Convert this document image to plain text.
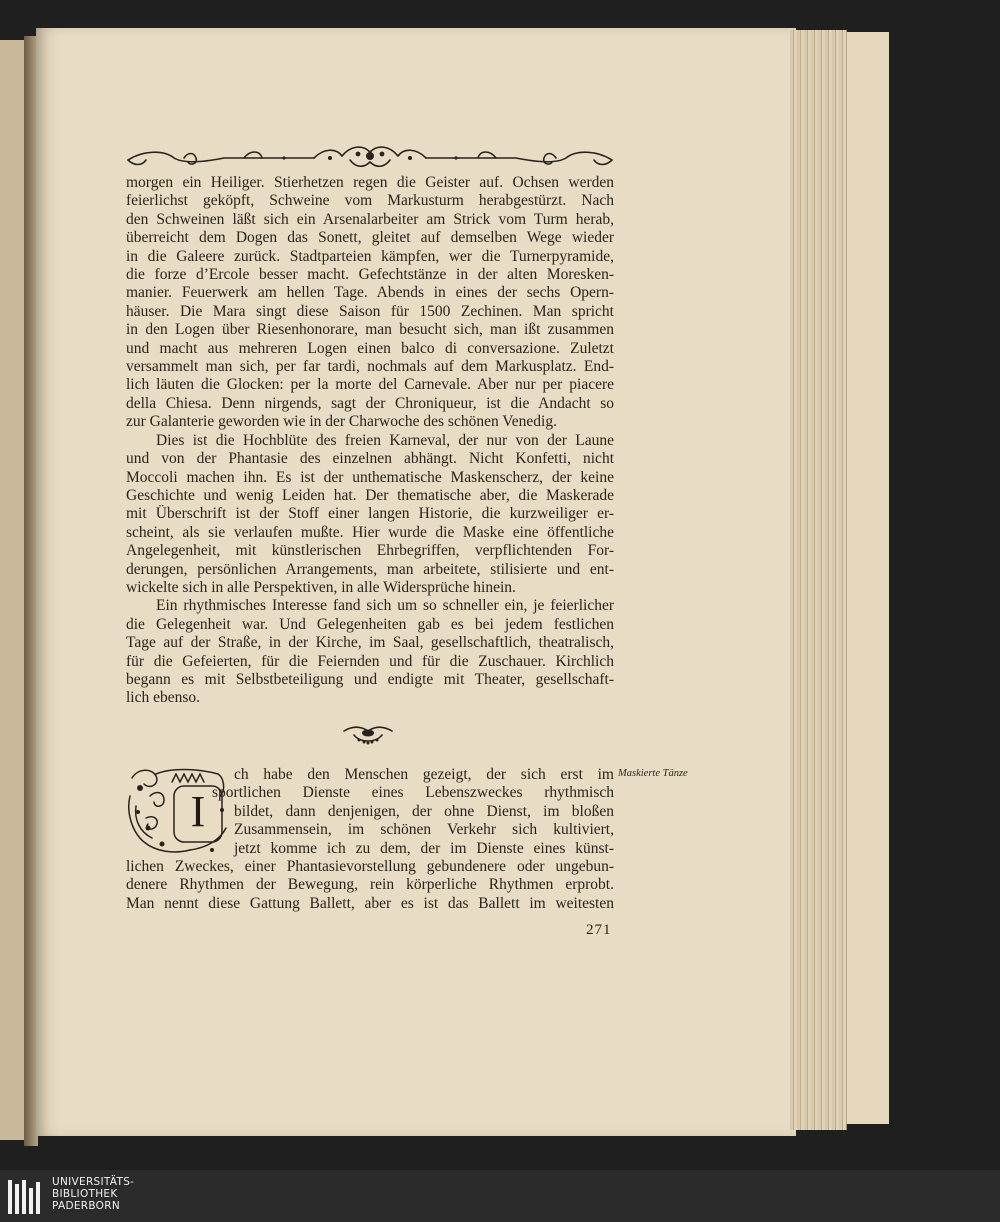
morgen ein Heiliger. Stierhetzen regen die Geister auf. Ochsen werden
feierlichst geköpft, Schweine vom Markusturm herabgestürzt. Nach
den Schweinen läßt sich ein Arsenalarbeiter am Strick vom Turm herab,
überreicht dem Dogen das Sonett, gleitet auf demselben Wege wieder
in die Galeere zurück. Stadtparteien kämpfen, wer die Turnerpyramide,
die forze d’Ercole besser macht. Gefechtstänze in der alten Moresken-
manier. Feuerwerk am hellen Tage. Abends in eines der sechs Opern-
häuser. Die Mara singt diese Saison für 1500 Zechinen. Man spricht
in den Logen über Riesenhonorare, man besucht sich, man ißt zusammen
und macht aus mehreren Logen einen balco di conversazione. Zuletzt
versammelt man sich, per far tardi, nochmals auf dem Markusplatz. End-
lich läuten die Glocken: per la morte del Carnevale. Aber nur per piacere
della Chiesa. Denn nirgends, sagt der Chroniqueur, ist die Andacht so
zur Galanterie geworden wie in der Charwoche des schönen Venedig.

Dies ist die Hochblüte des freien Karneval, der nur von der Laune
und von der Phantasie des einzelnen abhängt. Nicht Konfetti, nicht
Moccoli machen ihn. Es ist der unthematische Maskenscherz, der keine
Geschichte und wenig Leiden hat. Der thematische aber, die Maskerade
mit Überschrift ist der Stoff einer langen Historie, die kurzweiliger er-
scheint, als sie verlaufen mußte. Hier wurde die Maske eine öffentliche
Angelegenheit, mit künstlerischen Ehrbegriffen, verpflichtenden For-
derungen, persönlichen Arrangements, man arbeitete, stilisierte und ent-
wickelte sich in alle Perspektiven, in alle Widersprüche hinein.

Ein rhythmisches Interesse fand sich um so schneller ein, je feierlicher
die Gelegenheit war. Und Gelegenheiten gab es bei jedem festlichen
Tage auf der Straße, in der Kirche, im Saal, gesellschaftlich, theatralisch,
für die Gefeierten, für die Feiernden und für die Zuschauer. Kirchlich
begann es mit Selbstbeteiligung und endigte mit Theater, gesellschaft-
lich ebenso.

I
ch habe den Menschen gezeigt, der sich erst im
sportlichen Dienste eines Lebenszweckes rhythmisch
bildet, dann denjenigen, der ohne Dienst, im bloßen
Zusammensein, im schönen Verkehr sich kultiviert,
jetzt komme ich zu dem, der im Dienste eines künst-
lichen Zweckes, einer Phantasievorstellung gebundenere oder ungebun-
denere Rhythmen der Bewegung, rein körperliche Rhythmen erprobt.
Man nennt diese Gattung Ballett, aber es ist das Ballett im weitesten
Maskierte Tänze
271
UNIVERSITÄTS-
BIBLIOTHEK
PADERBORN
